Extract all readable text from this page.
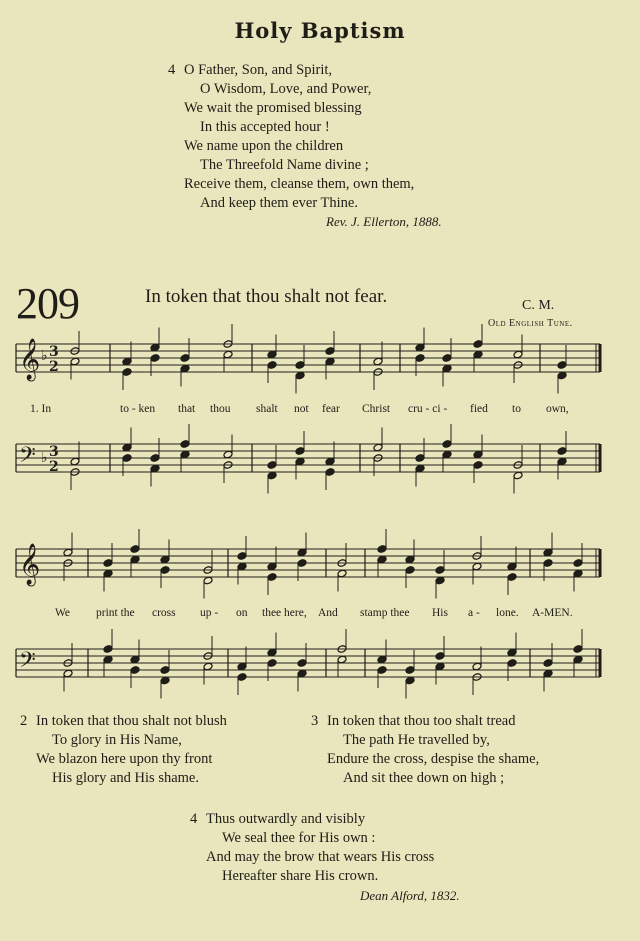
Holy Baptism
4 O Father, Son, and Spirit,
O Wisdom, Love, and Power,
We wait the promised blessing
In this accepted hour !
We name upon the children
The Threefold Name divine ;
Receive them, cleanse them, own them,
And keep them ever Thine.
Rev. J. Ellerton, 1888.
209	In token that thou shalt not fear.	C. M.
Old English Tune.
𝄞 ♭ 3
2
1. In	to - ken that thou shalt not fear Christ cru - ci - fied to own,
𝄢 ♭ 3
2
𝄞
We print the cross up - on thee here, And stamp thee His a - lone. A-MEN.
𝄢
2 In token that thou shalt not blush
To glory in His Name,
We blazon here upon thy front
His glory and His shame.
3 In token that thou too shalt tread
The path He travelled by,
Endure the cross, despise the shame,
And sit thee down on high ;
4 Thus outwardly and visibly
We seal thee for His own :
And may the brow that wears His cross
Hereafter share His crown.
Dean Alford, 1832.
